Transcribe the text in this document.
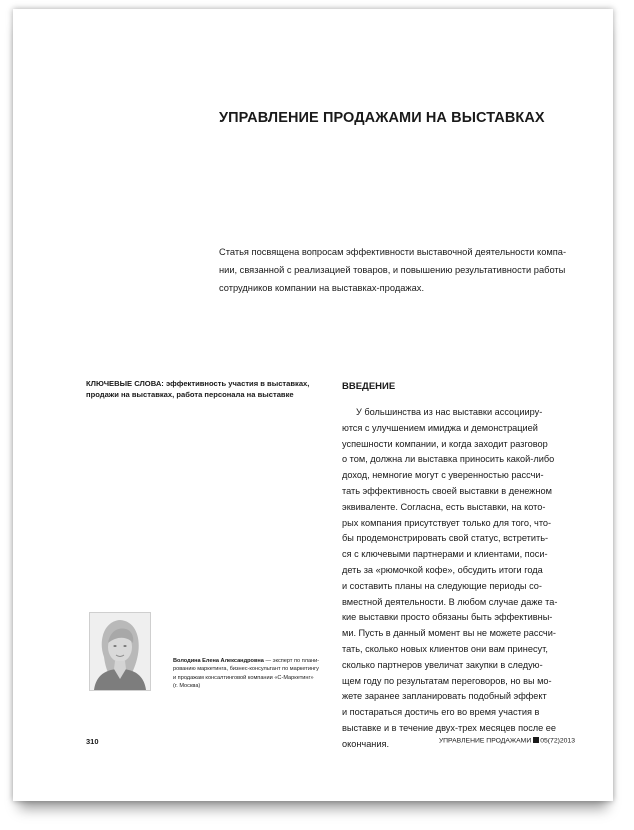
УПРАВЛЕНИЕ ПРОДАЖАМИ НА ВЫСТАВКАХ
Статья посвящена вопросам эффективности выставочной деятельности компа-
нии, связанной с реализацией товаров, и повышению результативности работы
сотрудников компании на выставках-продажах.
КЛЮЧЕВЫЕ СЛОВА: эффективность участия в выставках,
продажи на выставках, работа персонала на выставке
ВВЕДЕНИЕ
У большинства из нас выставки ассоцииру-
ются с улучшением имиджа и демонстрацией
успешности компании, и когда заходит разговор
о том, должна ли выставка приносить какой-либо
доход, немногие могут с уверенностью рассчи-
тать эффективность своей выставки в денежном
эквиваленте. Согласна, есть выставки, на кото-
рых компания присутствует только для того, что-
бы продемонстрировать свой статус, встретить-
ся с ключевыми партнерами и клиентами, поси-
деть за «рюмочкой кофе», обсудить итоги года
и составить планы на следующие периоды со-
вместной деятельности. В любом случае даже та-
кие выставки просто обязаны быть эффективны-
ми. Пусть в данный момент вы не можете рассчи-
тать, сколько новых клиентов они вам принесут,
сколько партнеров увеличат закупки в следую-
щем году по результатам переговоров, но вы мо-
жете заранее запланировать подобный эффект
и постараться достичь его во время участия в
выставке и в течение двух-трех месяцев после ее
окончания.
Володина Елена Александровна — эксперт по плани-
рованию маркетинга, бизнес-консультант по маркетингу
и продажам консалтинговой компании «С-Маркетинг»
(г. Москва)
310	УПРАВЛЕНИЕ ПРОДАЖАМИ 05(72)2013
